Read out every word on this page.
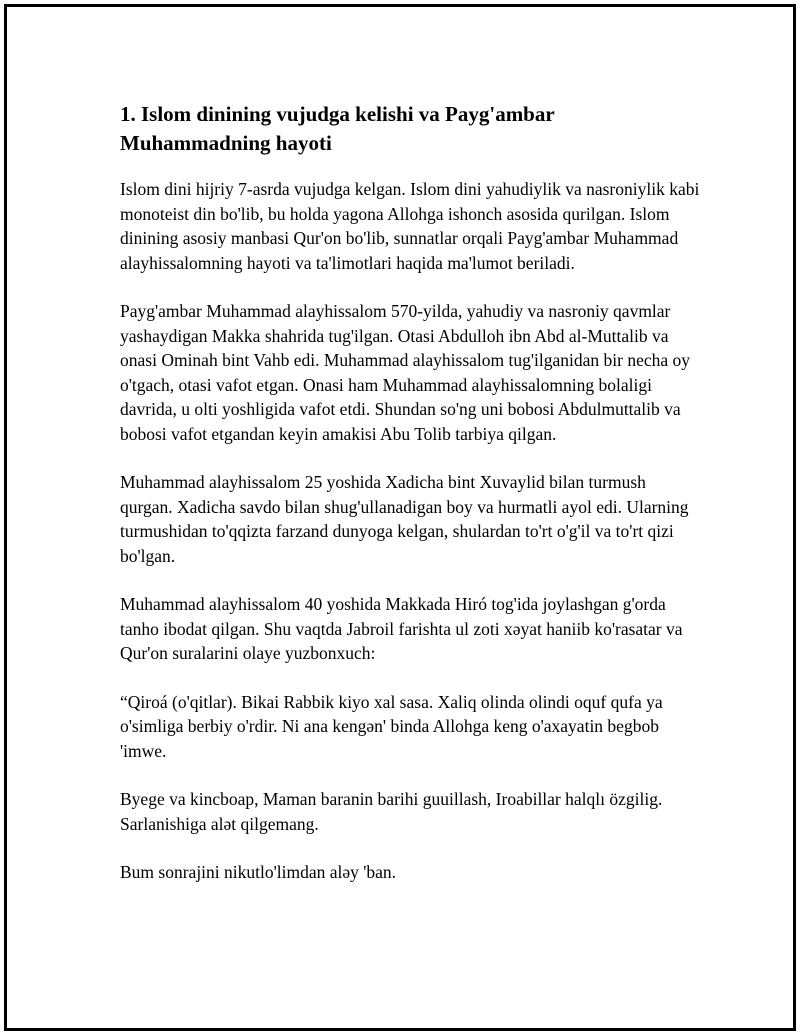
1. Islom dinining vujudga kelishi va Payg'ambar Muhammadning hayoti

Islom dini hijriy 7-asrda vujudga kelgan. Islom dini yahudiylik va nasroniylik kabi monoteist din bo'lib, bu holda yagona Allohga ishonch asosida qurilgan. Islom dinining asosiy manbasi Qur'on bo'lib, sunnatlar orqali Payg'ambar Muhammad alayhissalomning hayoti va ta'limotlari haqida ma'lumot beriladi.

Payg'ambar Muhammad alayhissalom 570-yilda, yahudiy va nasroniy qavmlar yashaydigan Makka shahrida tug'ilgan. Otasi Abdulloh ibn Abd al-Muttalib va onasi Ominah bint Vahb edi. Muhammad alayhissalom tug'ilganidan bir necha oy o'tgach, otasi vafot etgan. Onasi ham Muhammad alayhissalomning bolaligi davrida, u olti yoshligida vafot etdi. Shundan so'ng uni bobosi Abdulmuttalib va bobosi vafot etgandan keyin amakisi Abu Tolib tarbiya qilgan.

Muhammad alayhissalom 25 yoshida Xadicha bint Xuvaylid bilan turmush qurgan. Xadicha savdo bilan shug'ullanadigan boy va hurmatli ayol edi. Ularning turmushidan to'qqizta farzand dunyoga kelgan, shulardan to'rt o'g'il va to'rt qizi bo'lgan.

Muhammad alayhissalom 40 yoshida Makkada Hiró tog'ida joylashgan g'orda tanho ibodat qilgan. Shu vaqtda Jabroil farishta ul zoti xəyat haniib ko'rasatar va Qur'on suralarini olaye yuzbonxuch:

“Qiroá (o'qitlar). Bikai Rabbik kiyo xal sasa. Xaliq olinda olindi oquf qufa ya o'simliga berbiy o'rdir. Ni ana kengən' binda Allohga keng o'axayatin begbob 'imwe.

Byege va kincboap, Maman baranin barihi guuillash, Iroabillar halqlı özgilig. Sarlanishiga alət qilgemang.

Bum sonrajini nikutlo'limdan aləy 'ban.
